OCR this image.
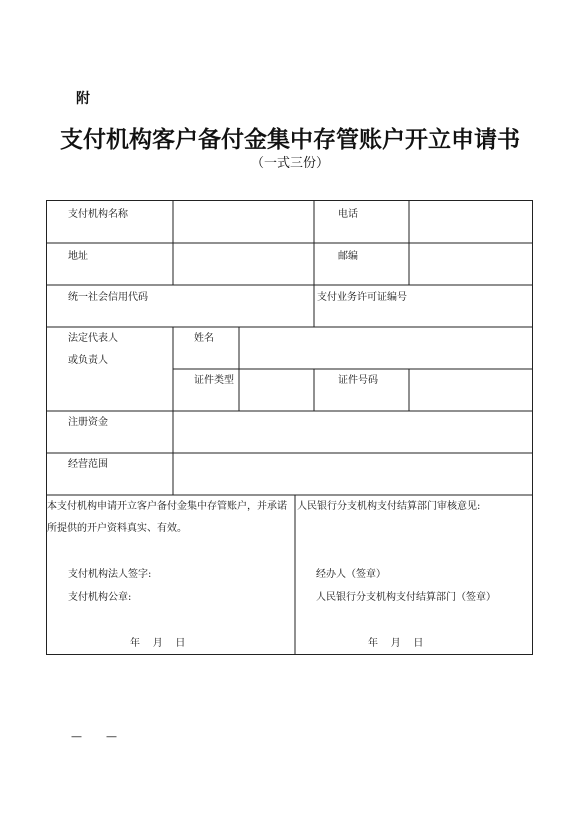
附
支付机构客户备付金集中存管账户开立申请书
（一式三份）
支付机构名称	电话
地址	邮编
统一社会信用代码	支付业务许可证编号
法定代表人
或负责人
姓名
证件类型	证件号码
注册资金
经营范围
本支付机构申请开立客户备付金集中存管账户，并承诺
所提供的开户资料真实、有效。
支付机构法人签字:
支付机构公章:
年    月    日
人民银行分支机构支付结算部门审核意见:
经办人（签章）
人民银行分支机构支付结算部门（签章）
年    月    日
—    —
